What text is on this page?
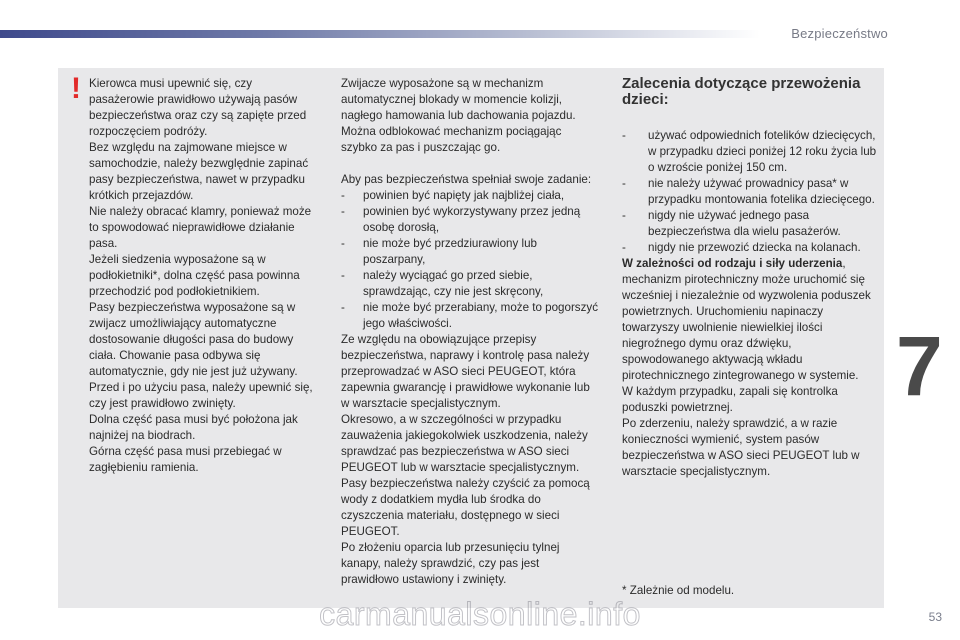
Bezpieczeństwo
! Kierowca musi upewnić się, czy pasażerowie prawidłowo używają pasów bezpieczeństwa oraz czy są zapięte przed rozpoczęciem podróży.

Bez względu na zajmowane miejsce w samochodzie, należy bezwględnie zapinać pasy bezpieczeństwa, nawet w przypadku krótkich przejazdów.

Nie należy obracać klamry, ponieważ może to spowodować nieprawidłowe działanie pasa.

Jeżeli siedzenia wyposażone są w podłokietniki*, dolna część pasa powinna przechodzić pod podłokietnikiem.

Pasy bezpieczeństwa wyposażone są w zwijacz umożliwiający automatyczne dostosowanie długości pasa do budowy ciała. Chowanie pasa odbywa się automatycznie, gdy nie jest już używany.

Przed i po użyciu pasa, należy upewnić się, czy jest prawidłowo zwinięty.

Dolna część pasa musi być położona jak najniżej na biodrach.

Górna część pasa musi przebiegać w zagłębieniu ramienia.

Zwijacze wyposażone są w mechanizm automatycznej blokady w momencie kolizji, nagłego hamowania lub dachowania pojazdu. Można odblokować mechanizm pociągając szybko za pas i puszczając go.

Aby pas bezpieczeństwa spełniał swoje zadanie:

- powinien być napięty jak najbliżej ciała,

- powinien być wykorzystywany przez jedną osobę dorosłą,

- nie może być przedziurawiony lub poszarpany,

- należy wyciągać go przed siebie, sprawdzając, czy nie jest skręcony,

- nie może być przerabiany, może to pogorszyć jego właściwości.

Ze względu na obowiązujące przepisy bezpieczeństwa, naprawy i kontrolę pasa należy przeprowadzać w ASO sieci PEUGEOT, która zapewnia gwarancję i prawidłowe wykonanie lub w warsztacie specjalistycznym.

Okresowo, a w szczególności w przypadku zauważenia jakiegokolwiek uszkodzenia, należy sprawdzać pas bezpieczeństwa w ASO sieci PEUGEOT lub w warsztacie specjalistycznym.

Pasy bezpieczeństwa należy czyścić za pomocą wody z dodatkiem mydła lub środka do czyszczenia materiału, dostępnego w sieci PEUGEOT.

Po złożeniu oparcia lub przesunięciu tylnej kanapy, należy sprawdzić, czy pas jest prawidłowo ustawiony i zwinięty.

Zalecenia dotyczące przewożenia dzieci:

- używać odpowiednich fotelików dziecięcych, w przypadku dzieci poniżej 12 roku życia lub o wzroście poniżej 150 cm.

- nie należy używać prowadnicy pasa* w przypadku montowania fotelika dziecięcego.

- nigdy nie używać jednego pasa bezpieczeństwa dla wielu pasażerów.

- nigdy nie przewozić dziecka na kolanach.

W zależności od rodzaju i siły uderzenia, mechanizm pirotechniczny może uruchomić się wcześniej i niezależnie od wyzwolenia poduszek powietrznych. Uruchomieniu napinaczy towarzyszy uwolnienie niewielkiej ilości niegroźnego dymu oraz dźwięku, spowodowanego aktywacją wkładu pirotechnicznego zintegrowanego w systemie.

W każdym przypadku, zapali się kontrolka poduszki powietrznej.

Po zderzeniu, należy sprawdzić, a w razie konieczności wymienić, system pasów bezpieczeństwa w ASO sieci PEUGEOT lub w warsztacie specjalistycznym.

* Zależnie od modelu.
7
53
carmanualsonline.info
